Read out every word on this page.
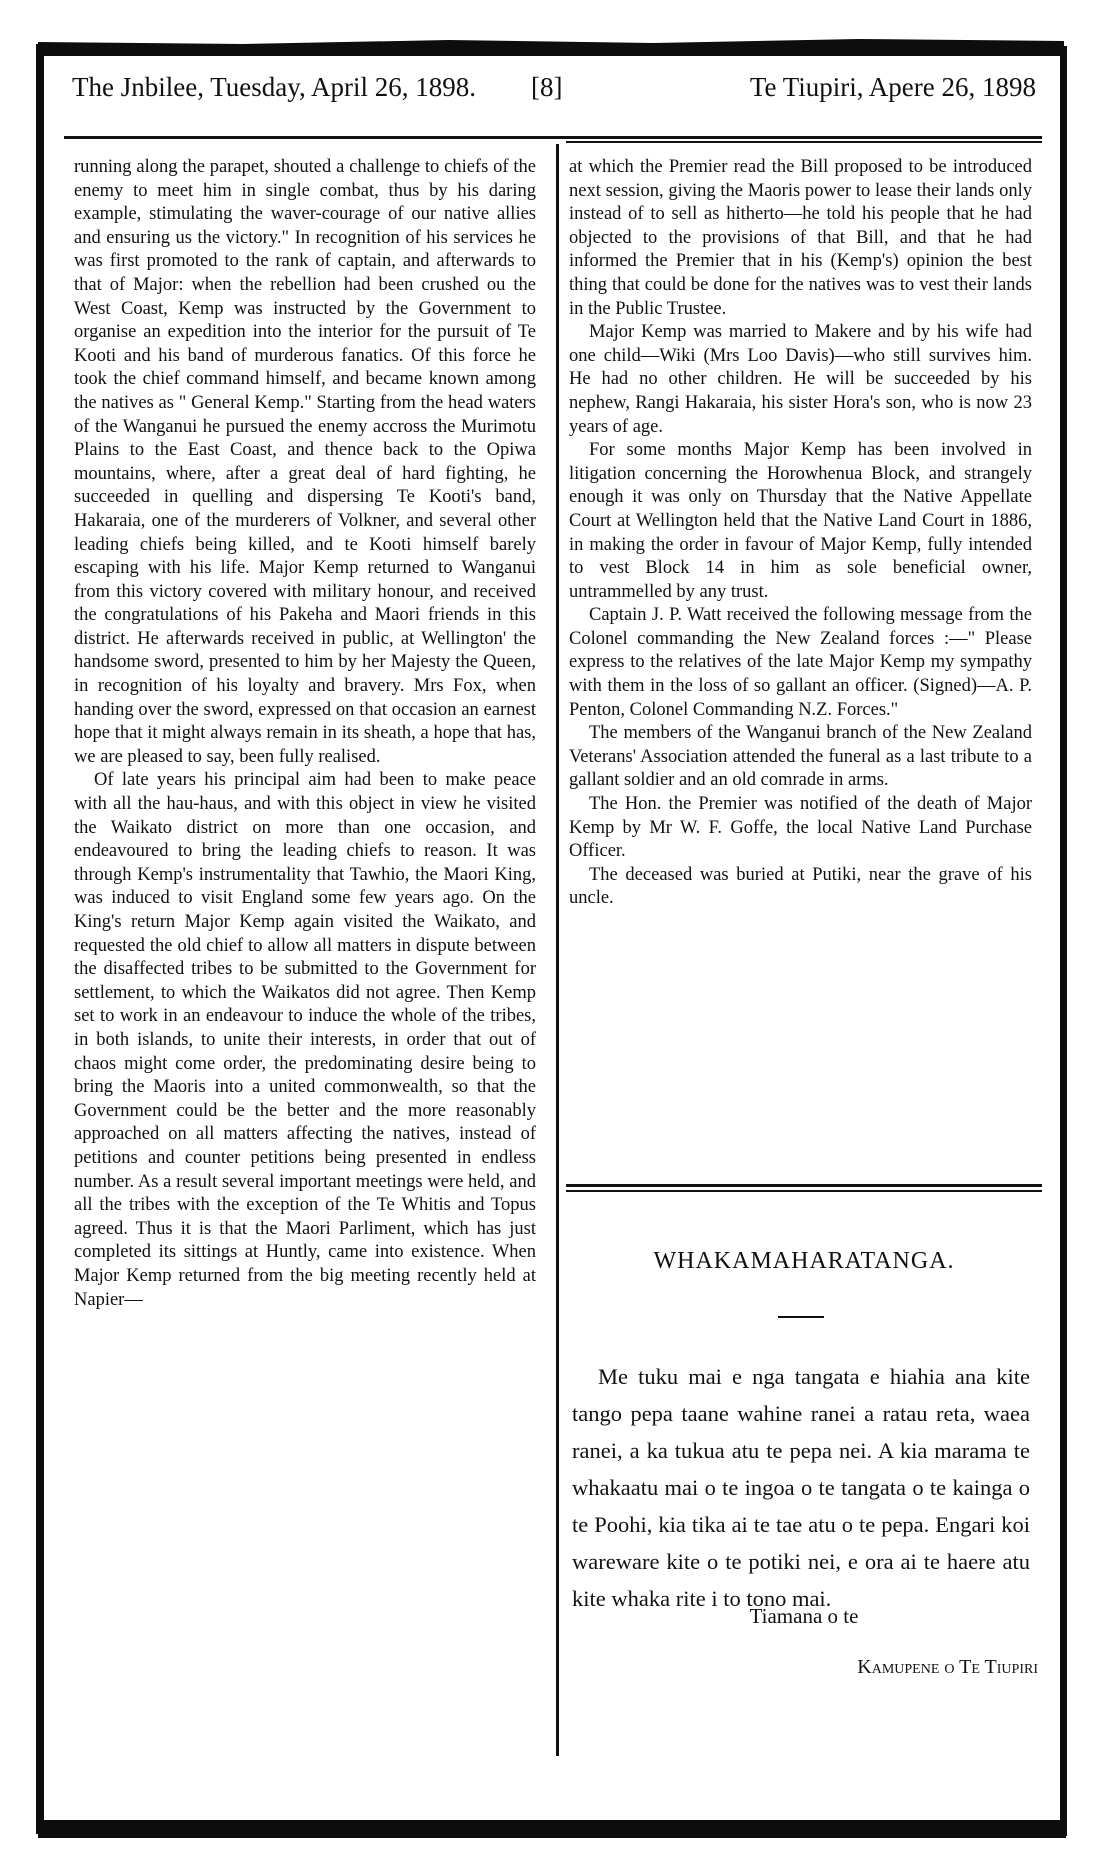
The Jnbilee, Tuesday, April 26, 1898. [8]	Te Tiupiri, Apere 26, 1898

running along the parapet, shouted a challenge to chiefs of the enemy to meet him in single combat, thus by his daring example, stimulating the waver-courage of our native allies and ensuring us the victory." In recognition of his services he was first promoted to the rank of captain, and afterwards to that of Major: when the rebellion had been crushed ou the West Coast, Kemp was instructed by the Government to organise an expedition into the interior for the pursuit of Te Kooti and his band of murderous fanatics. Of this force he took the chief command himself, and became known among the natives as " General Kemp." Starting from the head waters of the Wanganui he pursued the enemy accross the Murimotu Plains to the East Coast, and thence back to the Opiwa mountains, where, after a great deal of hard fighting, he succeeded in quelling and dispersing Te Kooti's band, Hakaraia, one of the murderers of Volkner, and several other leading chiefs being killed, and te Kooti himself barely escaping with his life. Major Kemp returned to Wanganui from this victory covered with military honour, and received the congratulations of his Pakeha and Maori friends in this district. He afterwards received in public, at Wellington' the handsome sword, presented to him by her Majesty the Queen, in recognition of his loyalty and bravery. Mrs Fox, when handing over the sword, expressed on that occasion an earnest hope that it might always remain in its sheath, a hope that has, we are pleased to say, been fully realised.

Of late years his principal aim had been to make peace with all the hau-haus, and with this object in view he visited the Waikato district on more than one occasion, and endeavoured to bring the leading chiefs to reason. It was through Kemp's instrumentality that Tawhio, the Maori King, was induced to visit England some few years ago. On the King's return Major Kemp again visited the Waikato, and requested the old chief to allow all matters in dispute between the disaffected tribes to be submitted to the Government for settlement, to which the Waikatos did not agree. Then Kemp set to work in an endeavour to induce the whole of the tribes, in both islands, to unite their interests, in order that out of chaos might come order, the predominating desire being to bring the Maoris into a united commonwealth, so that the Government could be the better and the more reasonably approached on all matters affecting the natives, instead of petitions and counter petitions being presented in endless number. As a result several important meetings were held, and all the tribes with the exception of the Te Whitis and Topus agreed. Thus it is that the Maori Parliment, which has just completed its sittings at Huntly, came into existence. When Major Kemp returned from the big meeting recently held at Napier—

at which the Premier read the Bill proposed to be introduced next session, giving the Maoris power to lease their lands only instead of to sell as hitherto—he told his people that he had objected to the provisions of that Bill, and that he had informed the Premier that in his (Kemp's) opinion the best thing that could be done for the natives was to vest their lands in the Public Trustee.

Major Kemp was married to Makere and by his wife had one child—Wiki (Mrs Loo Davis)—who still survives him. He had no other children. He will be succeeded by his nephew, Rangi Hakaraia, his sister Hora's son, who is now 23 years of age.

For some months Major Kemp has been involved in litigation concerning the Horowhenua Block, and strangely enough it was only on Thursday that the Native Appellate Court at Wellington held that the Native Land Court in 1886, in making the order in favour of Major Kemp, fully intended to vest Block 14 in him as sole beneficial owner, untrammelled by any trust.

Captain J. P. Watt received the following message from the Colonel commanding the New Zealand forces :—" Please express to the relatives of the late Major Kemp my sympathy with them in the loss of so gallant an officer. (Signed)—A. P. Penton, Colonel Commanding N.Z. Forces."

The members of the Wanganui branch of the New Zealand Veterans' Association attended the funeral as a last tribute to a gallant soldier and an old comrade in arms.

The Hon. the Premier was notified of the death of Major Kemp by Mr W. F. Goffe, the local Native Land Purchase Officer.

The deceased was buried at Putiki, near the grave of his uncle.

WHAKAMAHARATANGA.
Me tuku mai e nga tangata e hiahia ana kite tango pepa taane wahine ranei a ratau reta, waea ranei, a ka tukua atu te pepa nei. A kia marama te whakaatu mai o te ingoa o te tangata o te kainga o te Poohi, kia tika ai te tae atu o te pepa. Engari koi wareware kite o te potiki nei, e ora ai te haere atu kite whaka rite i to tono mai.
Tiamana o te
Kamupene o Te Tiupiri
